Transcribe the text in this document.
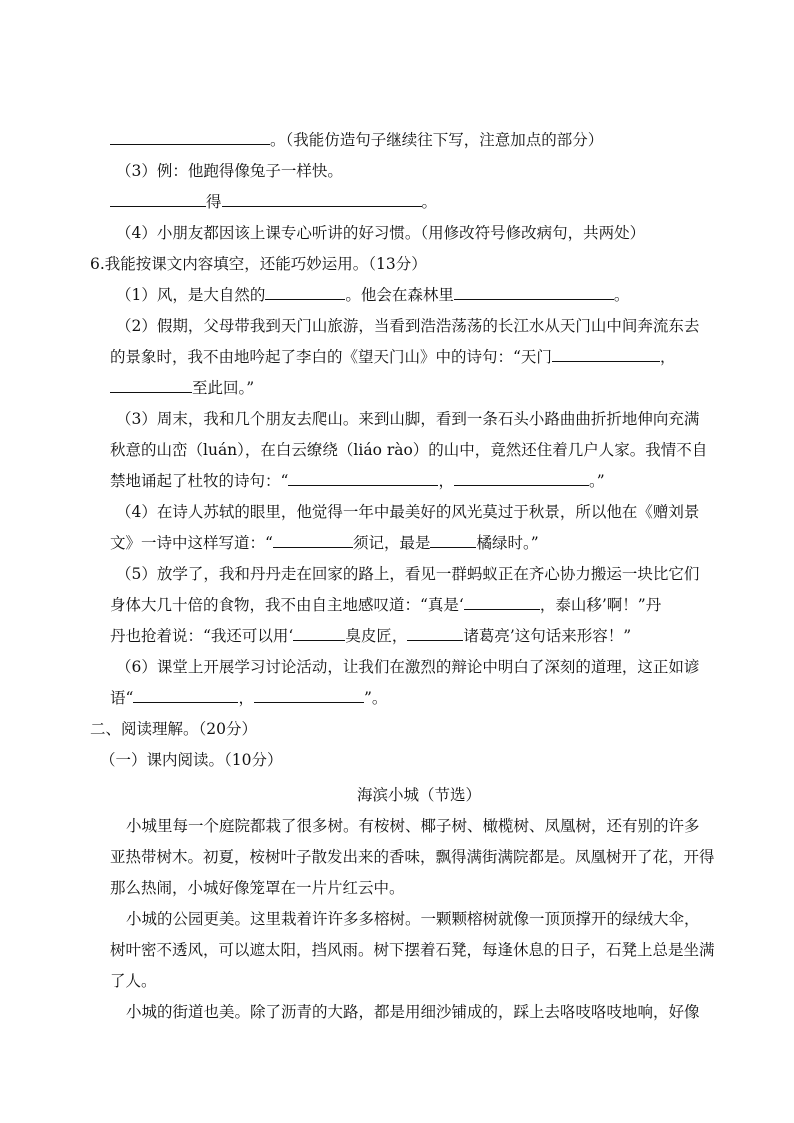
。（我能仿造句子继续往下写，注意加点的部分）
（3）例：他跑得像兔子一样快。
得	。
（4）小朋友都因该上课专心听讲的好习惯。（用修改符号修改病句，共两处）
6.我能按课文内容填空，还能巧妙运用。（13分）
（1）风，是大自然的	。他会在森林里	。
（2）假期，父母带我到天门山旅游，当看到浩浩荡荡的长江水从天门山中间奔流东去
的景象时，我不由地吟起了李白的《望天门山》中的诗句：“天门	，
至此回。”
（3）周末，我和几个朋友去爬山。来到山脚，看到一条石头小路曲曲折折地伸向充满
秋意的山峦（luán），在白云缭绕（liáo rào）的山中，竟然还住着几户人家。我情不自
禁地诵起了杜牧的诗句：“	，	。”
（4）在诗人苏轼的眼里，他觉得一年中最美好的风光莫过于秋景，所以他在《赠刘景
文》一诗中这样写道：“	须记，最是	橘绿时。”
（5）放学了，我和丹丹走在回家的路上，看见一群蚂蚁正在齐心协力搬运一块比它们
身体大几十倍的食物，我不由自主地感叹道：“真是‘	，泰山移’啊！”丹
丹也抢着说：“我还可以用‘	臭皮匠，	诸葛亮’这句话来形容！”
（6）课堂上开展学习讨论活动，让我们在激烈的辩论中明白了深刻的道理，这正如谚
语“	，	”。
二、阅读理解。（20分）
（一）课内阅读。（10分）
海滨小城（节选）
小城里每一个庭院都栽了很多树。有桉树、椰子树、橄榄树、凤凰树，还有别的许多
亚热带树木。初夏，桉树叶子散发出来的香味，飘得满街满院都是。凤凰树开了花，开得
那么热闹，小城好像笼罩在一片片红云中。
小城的公园更美。这里栽着许许多多榕树。一颗颗榕树就像一顶顶撑开的绿绒大伞，
树叶密不透风，可以遮太阳，挡风雨。树下摆着石凳，每逢休息的日子，石凳上总是坐满
了人。
小城的街道也美。除了沥青的大路，都是用细沙铺成的，踩上去咯吱咯吱地响，好像
